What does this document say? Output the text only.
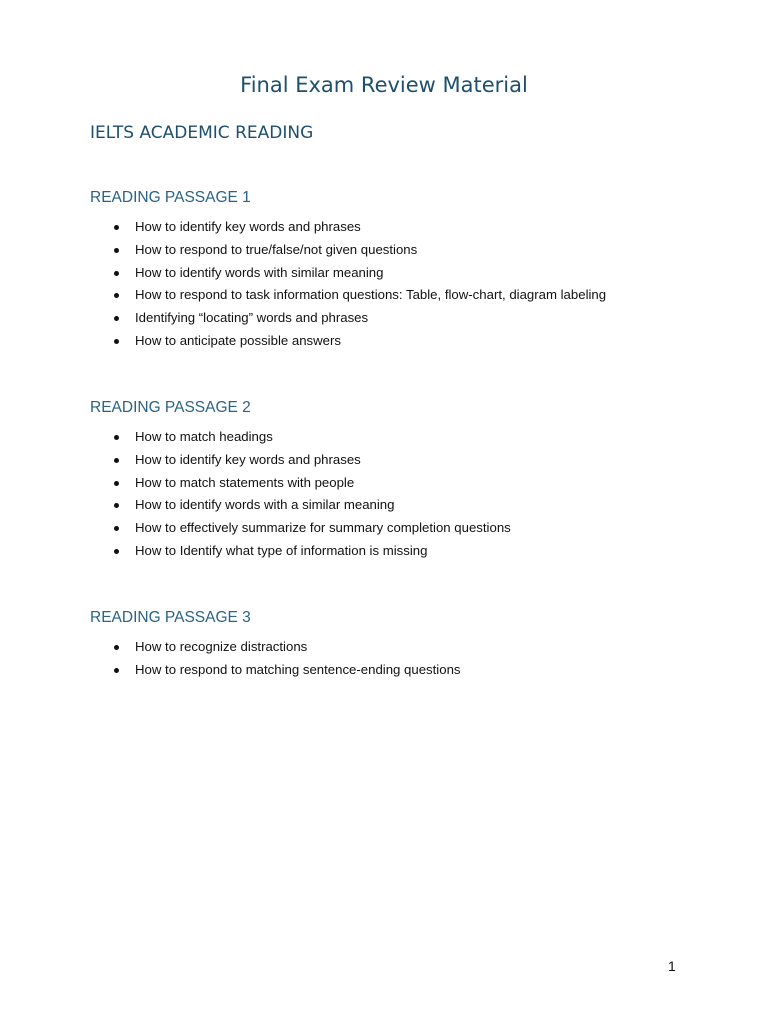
Final Exam Review Material
IELTS ACADEMIC READING
READING PASSAGE 1
How to identify key words and phrases
How to respond to true/false/not given questions
How to identify words with similar meaning
How to respond to task information questions: Table, flow-chart, diagram labeling
Identifying “locating” words and phrases
How to anticipate possible answers
READING PASSAGE 2
How to match headings
How to identify key words and phrases
How to match statements with people
How to identify words with a similar meaning
How to effectively summarize for summary completion questions
How to Identify what type of information is missing
READING PASSAGE 3
How to recognize distractions
How to respond to matching sentence-ending questions
1
